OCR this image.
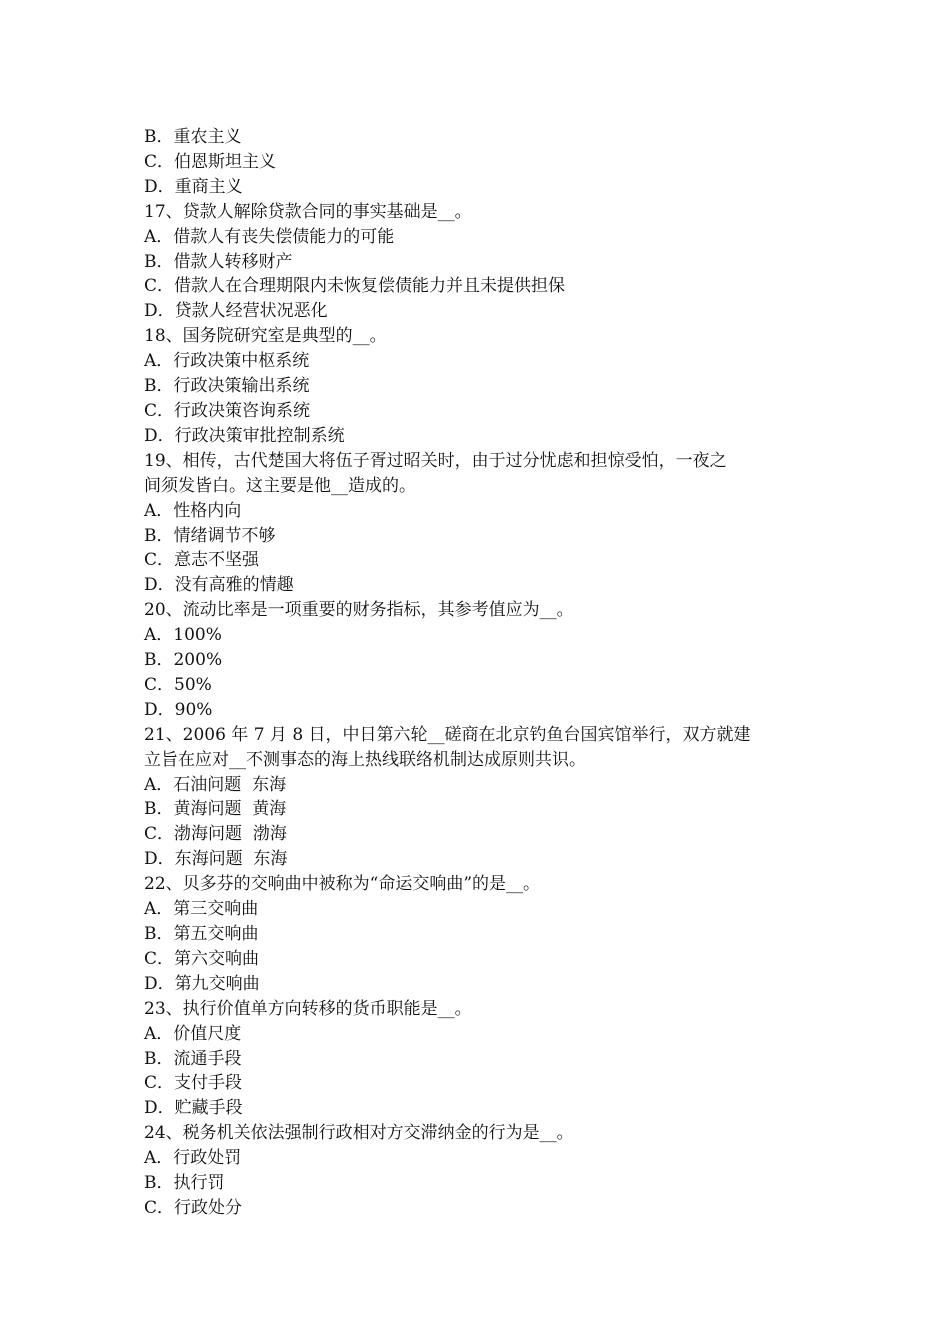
B．重农主义
C．伯恩斯坦主义
D．重商主义
17、贷款人解除贷款合同的事实基础是__。
A．借款人有丧失偿债能力的可能
B．借款人转移财产
C．借款人在合理期限内未恢复偿债能力并且未提供担保
D．贷款人经营状况恶化
18、国务院研究室是典型的__。
A．行政决策中枢系统
B．行政决策输出系统
C．行政决策咨询系统
D．行政决策审批控制系统
19、相传，古代楚国大将伍子胥过昭关时，由于过分忧虑和担惊受怕，一夜之
间须发皆白。这主要是他__造成的。
A．性格内向
B．情绪调节不够
C．意志不坚强
D．没有高雅的情趣
20、流动比率是一项重要的财务指标，其参考值应为__。
A．100%
B．200%
C．50%
D．90%
21、2006 年 7 月 8 日，中日第六轮__磋商在北京钓鱼台国宾馆举行，双方就建
立旨在应对__不测事态的海上热线联络机制达成原则共识。
A．石油问题  东海
B．黄海问题  黄海
C．渤海问题  渤海
D．东海问题  东海
22、贝多芬的交响曲中被称为“命运交响曲”的是__。
A．第三交响曲
B．第五交响曲
C．第六交响曲
D．第九交响曲
23、执行价值单方向转移的货币职能是__。
A．价值尺度
B．流通手段
C．支付手段
D．贮藏手段
24、税务机关依法强制行政相对方交滞纳金的行为是__。
A．行政处罚
B．执行罚
C．行政处分
